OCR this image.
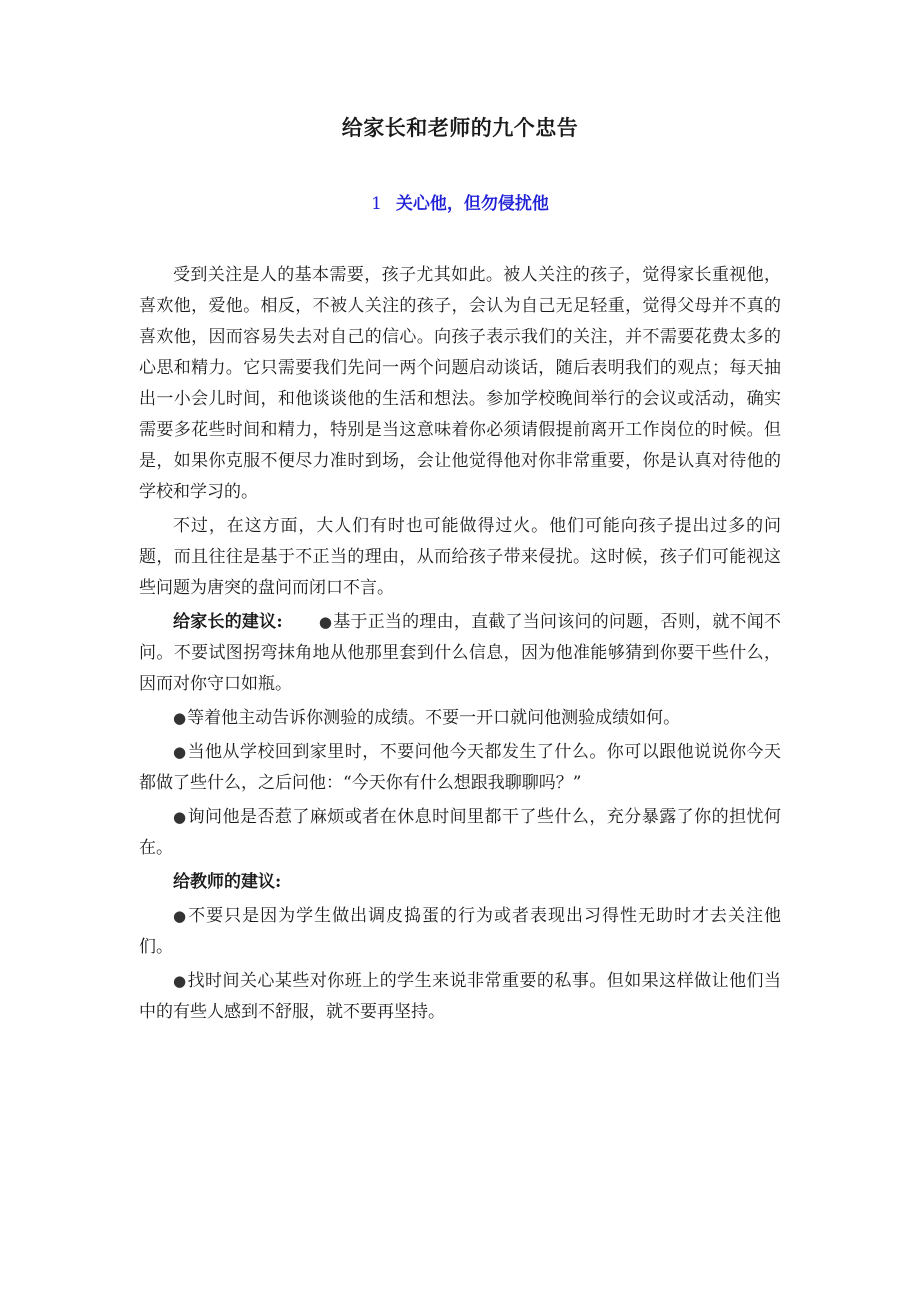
给家长和老师的九个忠告
1 关心他，但勿侵扰他

受到关注是人的基本需要，孩子尤其如此。被人关注的孩子，觉得家长重视他，喜欢他，爱他。相反，不被人关注的孩子，会认为自己无足轻重，觉得父母并不真的喜欢他，因而容易失去对自己的信心。向孩子表示我们的关注，并不需要花费太多的心思和精力。它只需要我们先问一两个问题启动谈话，随后表明我们的观点；每天抽出一小会儿时间，和他谈谈他的生活和想法。参加学校晚间举行的会议或活动，确实需要多花些时间和精力，特别是当这意味着你必须请假提前离开工作岗位的时候。但是，如果你克服不便尽力准时到场，会让他觉得他对你非常重要，你是认真对待他的学校和学习的。

不过，在这方面，大人们有时也可能做得过火。他们可能向孩子提出过多的问题，而且往往是基于不正当的理由，从而给孩子带来侵扰。这时候，孩子们可能视这些问题为唐突的盘问而闭口不言。

给家长的建议: ●基于正当的理由，直截了当问该问的问题，否则，就不闻不问。不要试图拐弯抹角地从他那里套到什么信息，因为他准能够猜到你要干些什么，因而对你守口如瓶。

●等着他主动告诉你测验的成绩。不要一开口就问他测验成绩如何。

●当他从学校回到家里时，不要问他今天都发生了什么。你可以跟他说说你今天都做了些什么，之后问他：“今天你有什么想跟我聊聊吗？”

●询问他是否惹了麻烦或者在休息时间里都干了些什么，充分暴露了你的担忧何在。

给教师的建议:

●不要只是因为学生做出调皮捣蛋的行为或者表现出习得性无助时才去关注他们。

●找时间关心某些对你班上的学生来说非常重要的私事。但如果这样做让他们当中的有些人感到不舒服，就不要再坚持。
